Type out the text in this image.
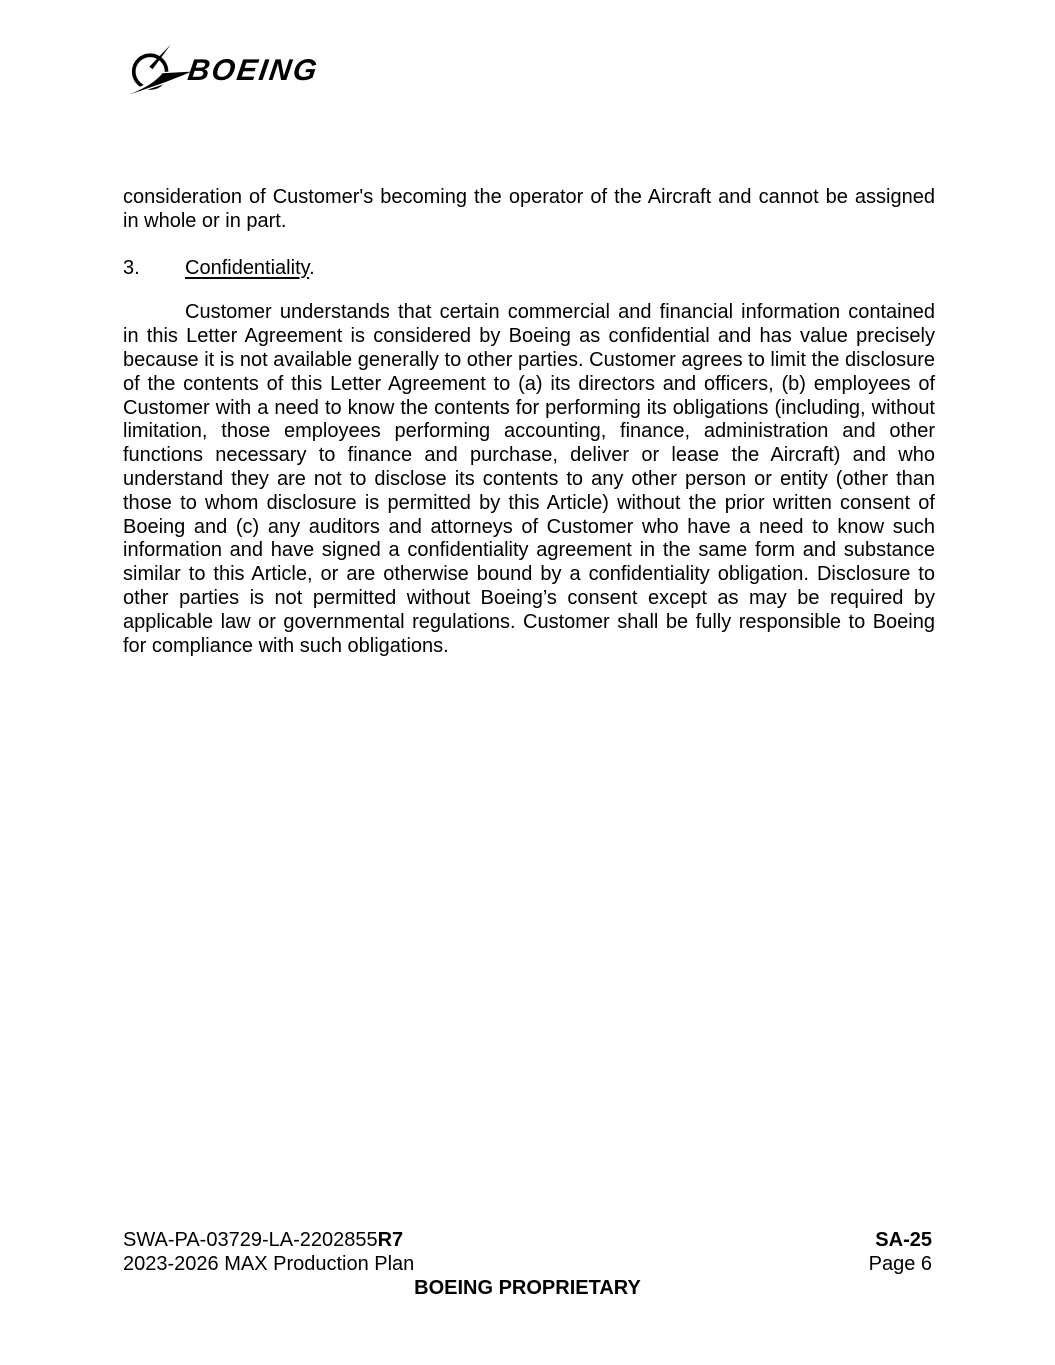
BOEING

consideration of Customer's becoming the operator of the Aircraft and cannot be assigned in whole or in part.

3. Confidentiality.

Customer understands that certain commercial and financial information contained in this Letter Agreement is considered by Boeing as confidential and has value precisely because it is not available generally to other parties. Customer agrees to limit the disclosure of the contents of this Letter Agreement to (a) its directors and officers, (b) employees of Customer with a need to know the contents for performing its obligations (including, without limitation, those employees performing accounting, finance, administration and other functions necessary to finance and purchase, deliver or lease the Aircraft) and who understand they are not to disclose its contents to any other person or entity (other than those to whom disclosure is permitted by this Article) without the prior written consent of Boeing and (c) any auditors and attorneys of Customer who have a need to know such information and have signed a confidentiality agreement in the same form and substance similar to this Article, or are otherwise bound by a confidentiality obligation. Disclosure to other parties is not permitted without Boeing’s consent except as may be required by applicable law or governmental regulations. Customer shall be fully responsible to Boeing for compliance with such obligations.

SWA-PA-03729-LA-2202855R7
2023-2026 MAX Production Plan
SA-25
Page 6
BOEING PROPRIETARY
